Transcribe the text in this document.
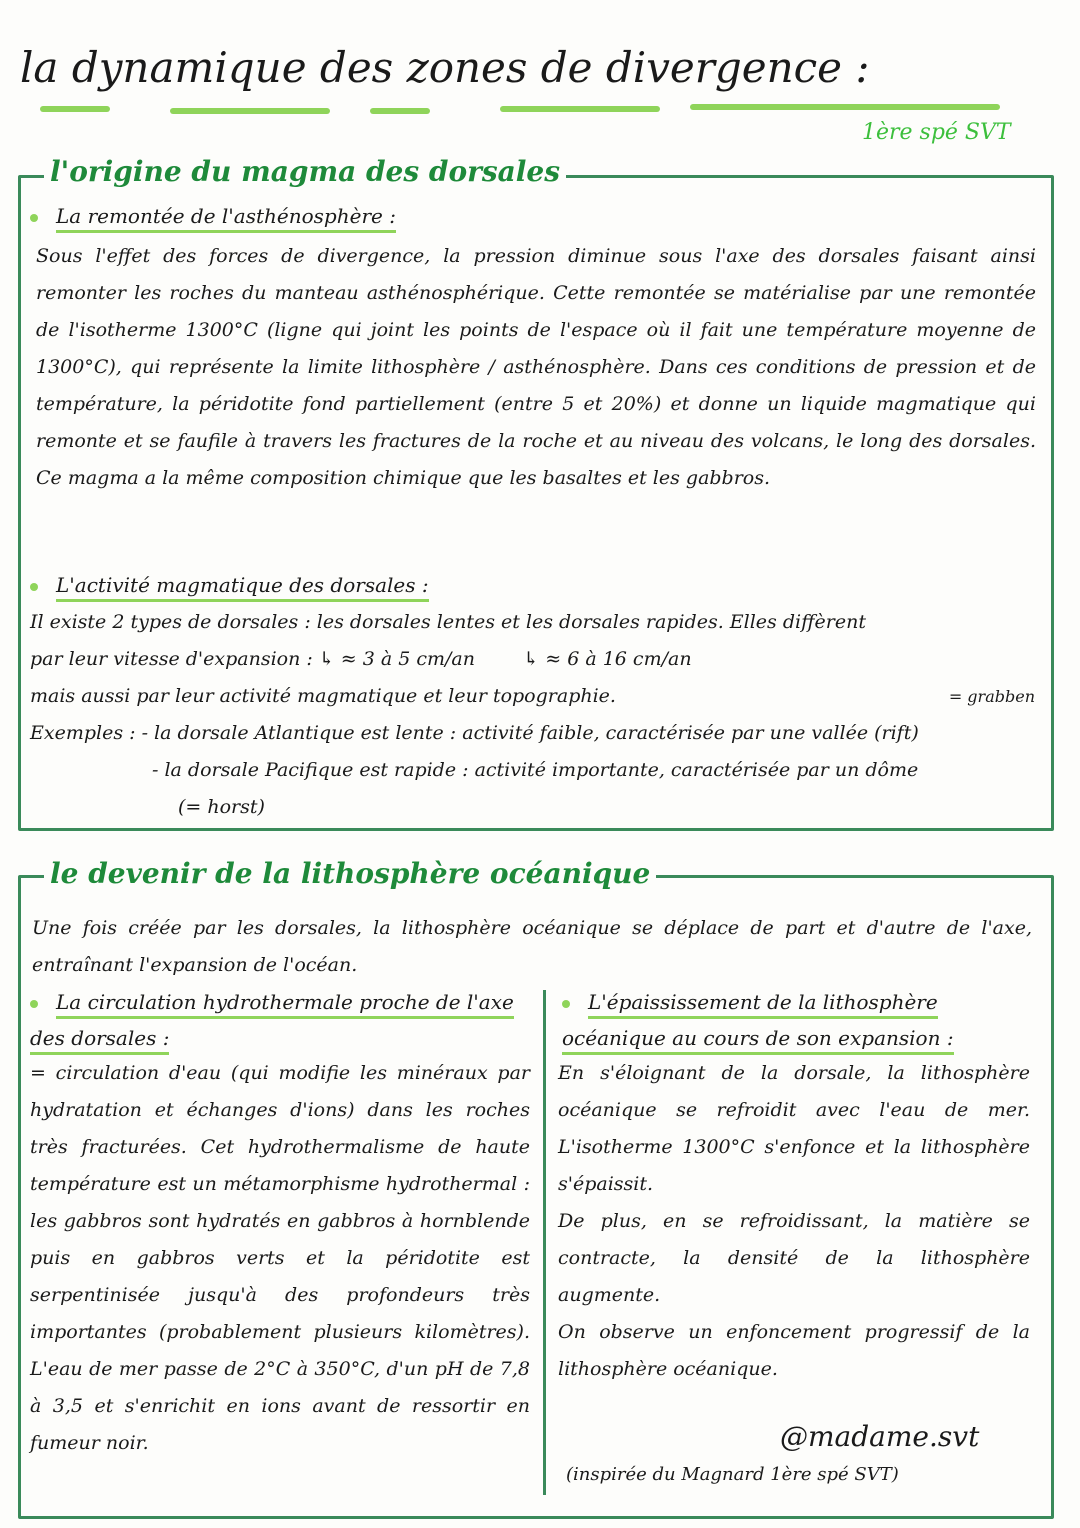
la dynamique des zones de divergence :
1ère spé SVT
l'origine du magma des dorsales
La remontée de l'asthénosphère :

Sous l'effet des forces de divergence, la pression diminue sous l'axe des dorsales faisant ainsi remonter les roches du manteau asthénosphérique. Cette remontée se matérialise par une remontée de l'isotherme 1300°C (ligne qui joint les points de l'espace où il fait une température moyenne de 1300°C), qui représente la limite lithosphère / asthénosphère. Dans ces conditions de pression et de température, la péridotite fond partiellement (entre 5 et 20%) et donne un liquide magmatique qui remonte et se faufile à travers les fractures de la roche et au niveau des volcans, le long des dorsales. Ce magma a la même composition chimique que les basaltes et les gabbros.

L'activité magmatique des dorsales :

Il existe 2 types de dorsales : les dorsales lentes et les dorsales rapides. Elles diffèrent

par leur vitesse d'expansion : ↳ ≈ 3 à 5 cm/an        ↳ ≈ 6 à 16 cm/an

mais aussi par leur activité magmatique et leur topographie.	= grabben

Exemples : - la dorsale Atlantique est lente : activité faible, caractérisée par une vallée (rift)

- la dorsale Pacifique est rapide : activité importante, caractérisée par un dôme

(= horst)

le devenir de la lithosphère océanique

Une fois créée par les dorsales, la lithosphère océanique se déplace de part et d'autre de l'axe, entraînant l'expansion de l'océan.

La circulation hydrothermale proche de l'axe des dorsales :

= circulation d'eau (qui modifie les minéraux par hydratation et échanges d'ions) dans les roches très fracturées. Cet hydrothermalisme de haute température est un métamorphisme hydrothermal : les gabbros sont hydratés en gabbros à hornblende puis en gabbros verts et la péridotite est serpentinisée jusqu'à des profondeurs très importantes (probablement plusieurs kilomètres). L'eau de mer passe de 2°C à 350°C, d'un pH de 7,8 à 3,5 et s'enrichit en ions avant de ressortir en fumeur noir.

L'épaississement de la lithosphère océanique au cours de son expansion :

En s'éloignant de la dorsale, la lithosphère océanique se refroidit avec l'eau de mer. L'isotherme 1300°C s'enfonce et la lithosphère s'épaissit.

De plus, en se refroidissant, la matière se contracte, la densité de la lithosphère augmente.

On observe un enfoncement progressif de la lithosphère océanique.

@madame.svt
(inspirée du Magnard 1ère spé SVT)
